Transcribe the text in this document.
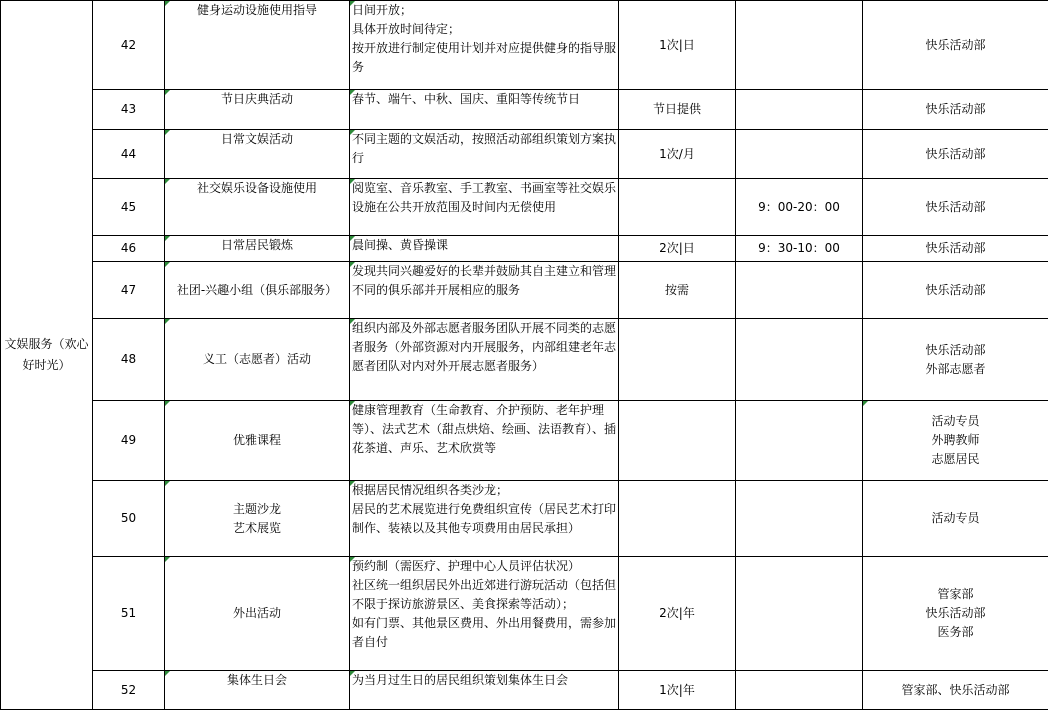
文娱服务（欢心好时光）	42	健身运动设施使用指导	日间开放；
具体开放时间待定；
按开放进行制定使用计划并对应提供健身的指导服务	1次|日		快乐活动部

	43	节日庆典活动	春节、端午、中秋、国庆、重阳等传统节日	节日提供		快乐活动部

	44	日常文娱活动	不同主题的文娱活动，按照活动部组织策划方案执行	1次/月		快乐活动部

	45	社交娱乐设备设施使用	阅览室、音乐教室、手工教室、书画室等社交娱乐设施在公共开放范围及时间内无偿使用		9：00-20：00	快乐活动部

	46	日常居民锻炼	晨间操、黄昏操课	2次|日	9：30-10：00	快乐活动部

	47	社团-兴趣小组（俱乐部服务）	发现共同兴趣爱好的长辈并鼓励其自主建立和管理不同的俱乐部并开展相应的服务	按需		快乐活动部

	48	义工（志愿者）活动	组织内部及外部志愿者服务团队开展不同类的志愿者服务（外部资源对内开展服务，内部组建老年志愿者团队对内对外开展志愿者服务）			快乐活动部
外部志愿者

	49	优雅课程	健康管理教育（生命教育、介护预防、老年护理等）、法式艺术（甜点烘焙、绘画、法语教育）、插花茶道、声乐、艺术欣赏等			活动专员
外聘教师
志愿居民

	50	主题沙龙
艺术展览	根据居民情况组织各类沙龙；
居民的艺术展览进行免费组织宣传（居民艺术打印制作、装裱以及其他专项费用由居民承担）			活动专员

	51	外出活动	预约制（需医疗、护理中心人员评估状况）
社区统一组织居民外出近郊进行游玩活动（包括但不限于探访旅游景区、美食探索等活动）；
如有门票、其他景区费用、外出用餐费用，需参加者自付	2次|年		管家部
快乐活动部
医务部

	52	集体生日会	为当月过生日的居民组织策划集体生日会	1次|年		管家部、快乐活动部
